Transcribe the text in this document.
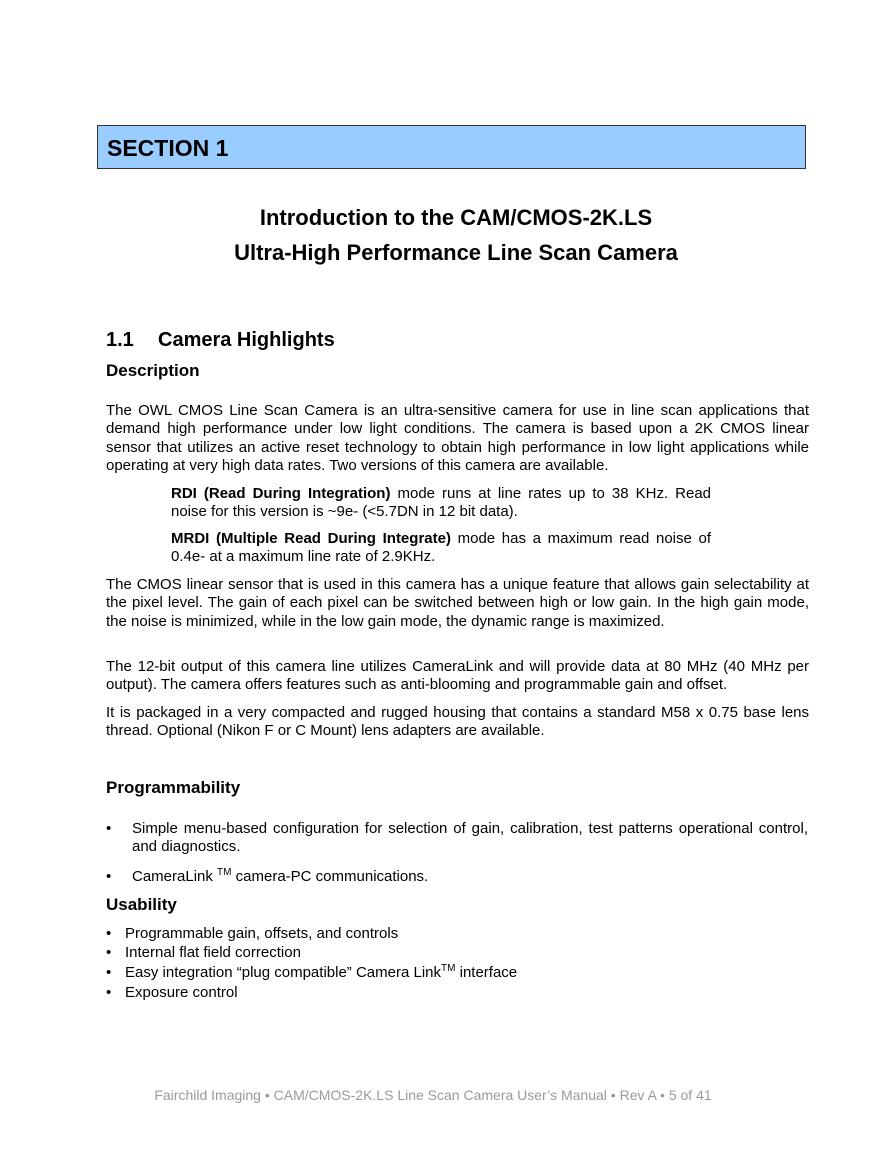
SECTION 1
Introduction to the CAM/CMOS-2K.LS
Ultra-High Performance Line Scan Camera
1.1 Camera Highlights
Description
The OWL CMOS Line Scan Camera is an ultra-sensitive camera for use in line scan applications that demand high performance under low light conditions. The camera is based upon a 2K CMOS linear sensor that utilizes an active reset technology to obtain high performance in low light applications while operating at very high data rates. Two versions of this camera are available.
RDI (Read During Integration) mode runs at line rates up to 38 KHz. Read noise for this version is ~9e- (<5.7DN in 12 bit data).
MRDI (Multiple Read During Integrate) mode has a maximum read noise of 0.4e- at a maximum line rate of 2.9KHz.
The CMOS linear sensor that is used in this camera has a unique feature that allows gain selectability at the pixel level. The gain of each pixel can be switched between high or low gain. In the high gain mode, the noise is minimized, while in the low gain mode, the dynamic range is maximized.
The 12-bit output of this camera line utilizes CameraLink and will provide data at 80 MHz (40 MHz per output). The camera offers features such as anti-blooming and programmable gain and offset.
It is packaged in a very compacted and rugged housing that contains a standard M58 x 0.75 base lens thread. Optional (Nikon F or C Mount) lens adapters are available.
Programmability
• Simple menu-based configuration for selection of gain, calibration, test patterns operational control, and diagnostics.
• CameraLink ™ camera-PC communications.
Usability
• Programmable gain, offsets, and controls
• Internal flat field correction
• Easy integration “plug compatible” Camera Link™ interface
• Exposure control
Fairchild Imaging • CAM/CMOS-2K.LS Line Scan Camera User’s Manual • Rev A • 5 of 41
